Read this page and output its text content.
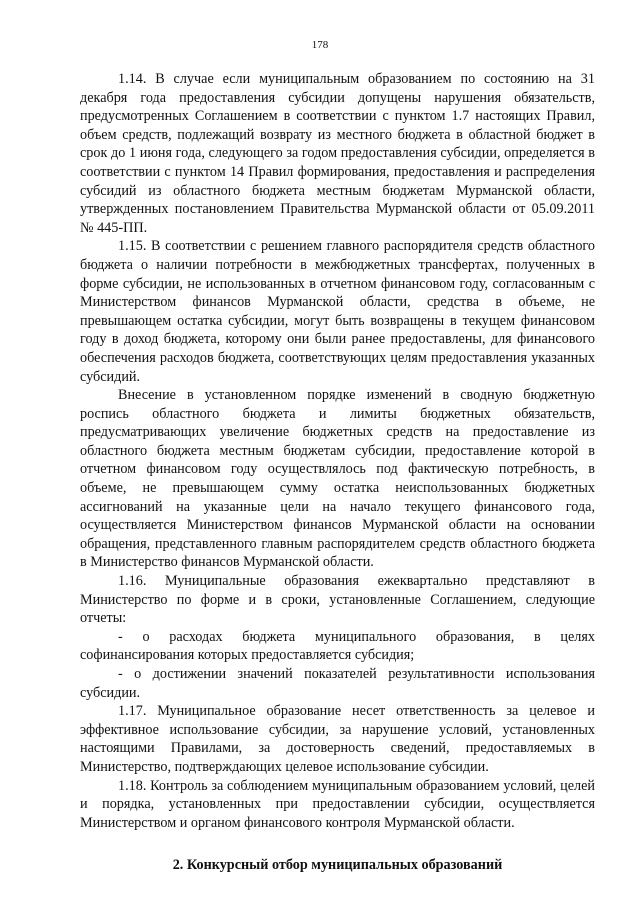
178

1.14. В случае если муниципальным образованием по состоянию на 31 декабря года предоставления субсидии допущены нарушения обязательств, предусмотренных Соглашением в соответствии с пунктом 1.7 настоящих Правил, объем средств, подлежащий возврату из местного бюджета в областной бюджет в срок до 1 июня года, следующего за годом предоставления субсидии, определяется в соответствии с пунктом 14 Правил формирования, предоставления и распределения субсидий из областного бюджета местным бюджетам Мурманской области, утвержденных постановлением Правительства Мурманской области от 05.09.2011 № 445-ПП.

1.15. В соответствии с решением главного распорядителя средств областного бюджета о наличии потребности в межбюджетных трансфертах, полученных в форме субсидии, не использованных в отчетном финансовом году, согласованным с Министерством финансов Мурманской области, средства в объеме, не превышающем остатка субсидии, могут быть возвращены в текущем финансовом году в доход бюджета, которому они были ранее предоставлены, для финансового обеспечения расходов бюджета, соответствующих целям предоставления указанных субсидий.

Внесение в установленном порядке изменений в сводную бюджетную роспись областного бюджета и лимиты бюджетных обязательств, предусматривающих увеличение бюджетных средств на предоставление из областного бюджета местным бюджетам субсидии, предоставление которой в отчетном финансовом году осуществлялось под фактическую потребность, в объеме, не превышающем сумму остатка неиспользованных бюджетных ассигнований на указанные цели на начало текущего финансового года, осуществляется Министерством финансов Мурманской области на основании обращения, представленного главным распорядителем средств областного бюджета в Министерство финансов Мурманской области.

1.16. Муниципальные образования ежеквартально представляют в Министерство по форме и в сроки, установленные Соглашением, следующие отчеты:

- о расходах бюджета муниципального образования, в целях софинансирования которых предоставляется субсидия;

- о достижении значений показателей результативности использования субсидии.

1.17. Муниципальное образование несет ответственность за целевое и эффективное использование субсидии, за нарушение условий, установленных настоящими Правилами, за достоверность сведений, предоставляемых в Министерство, подтверждающих целевое использование субсидии.

1.18. Контроль за соблюдением муниципальным образованием условий, целей и порядка, установленных при предоставлении субсидии, осуществляется Министерством и органом финансового контроля Мурманской области.

2. Конкурсный отбор муниципальных образований
